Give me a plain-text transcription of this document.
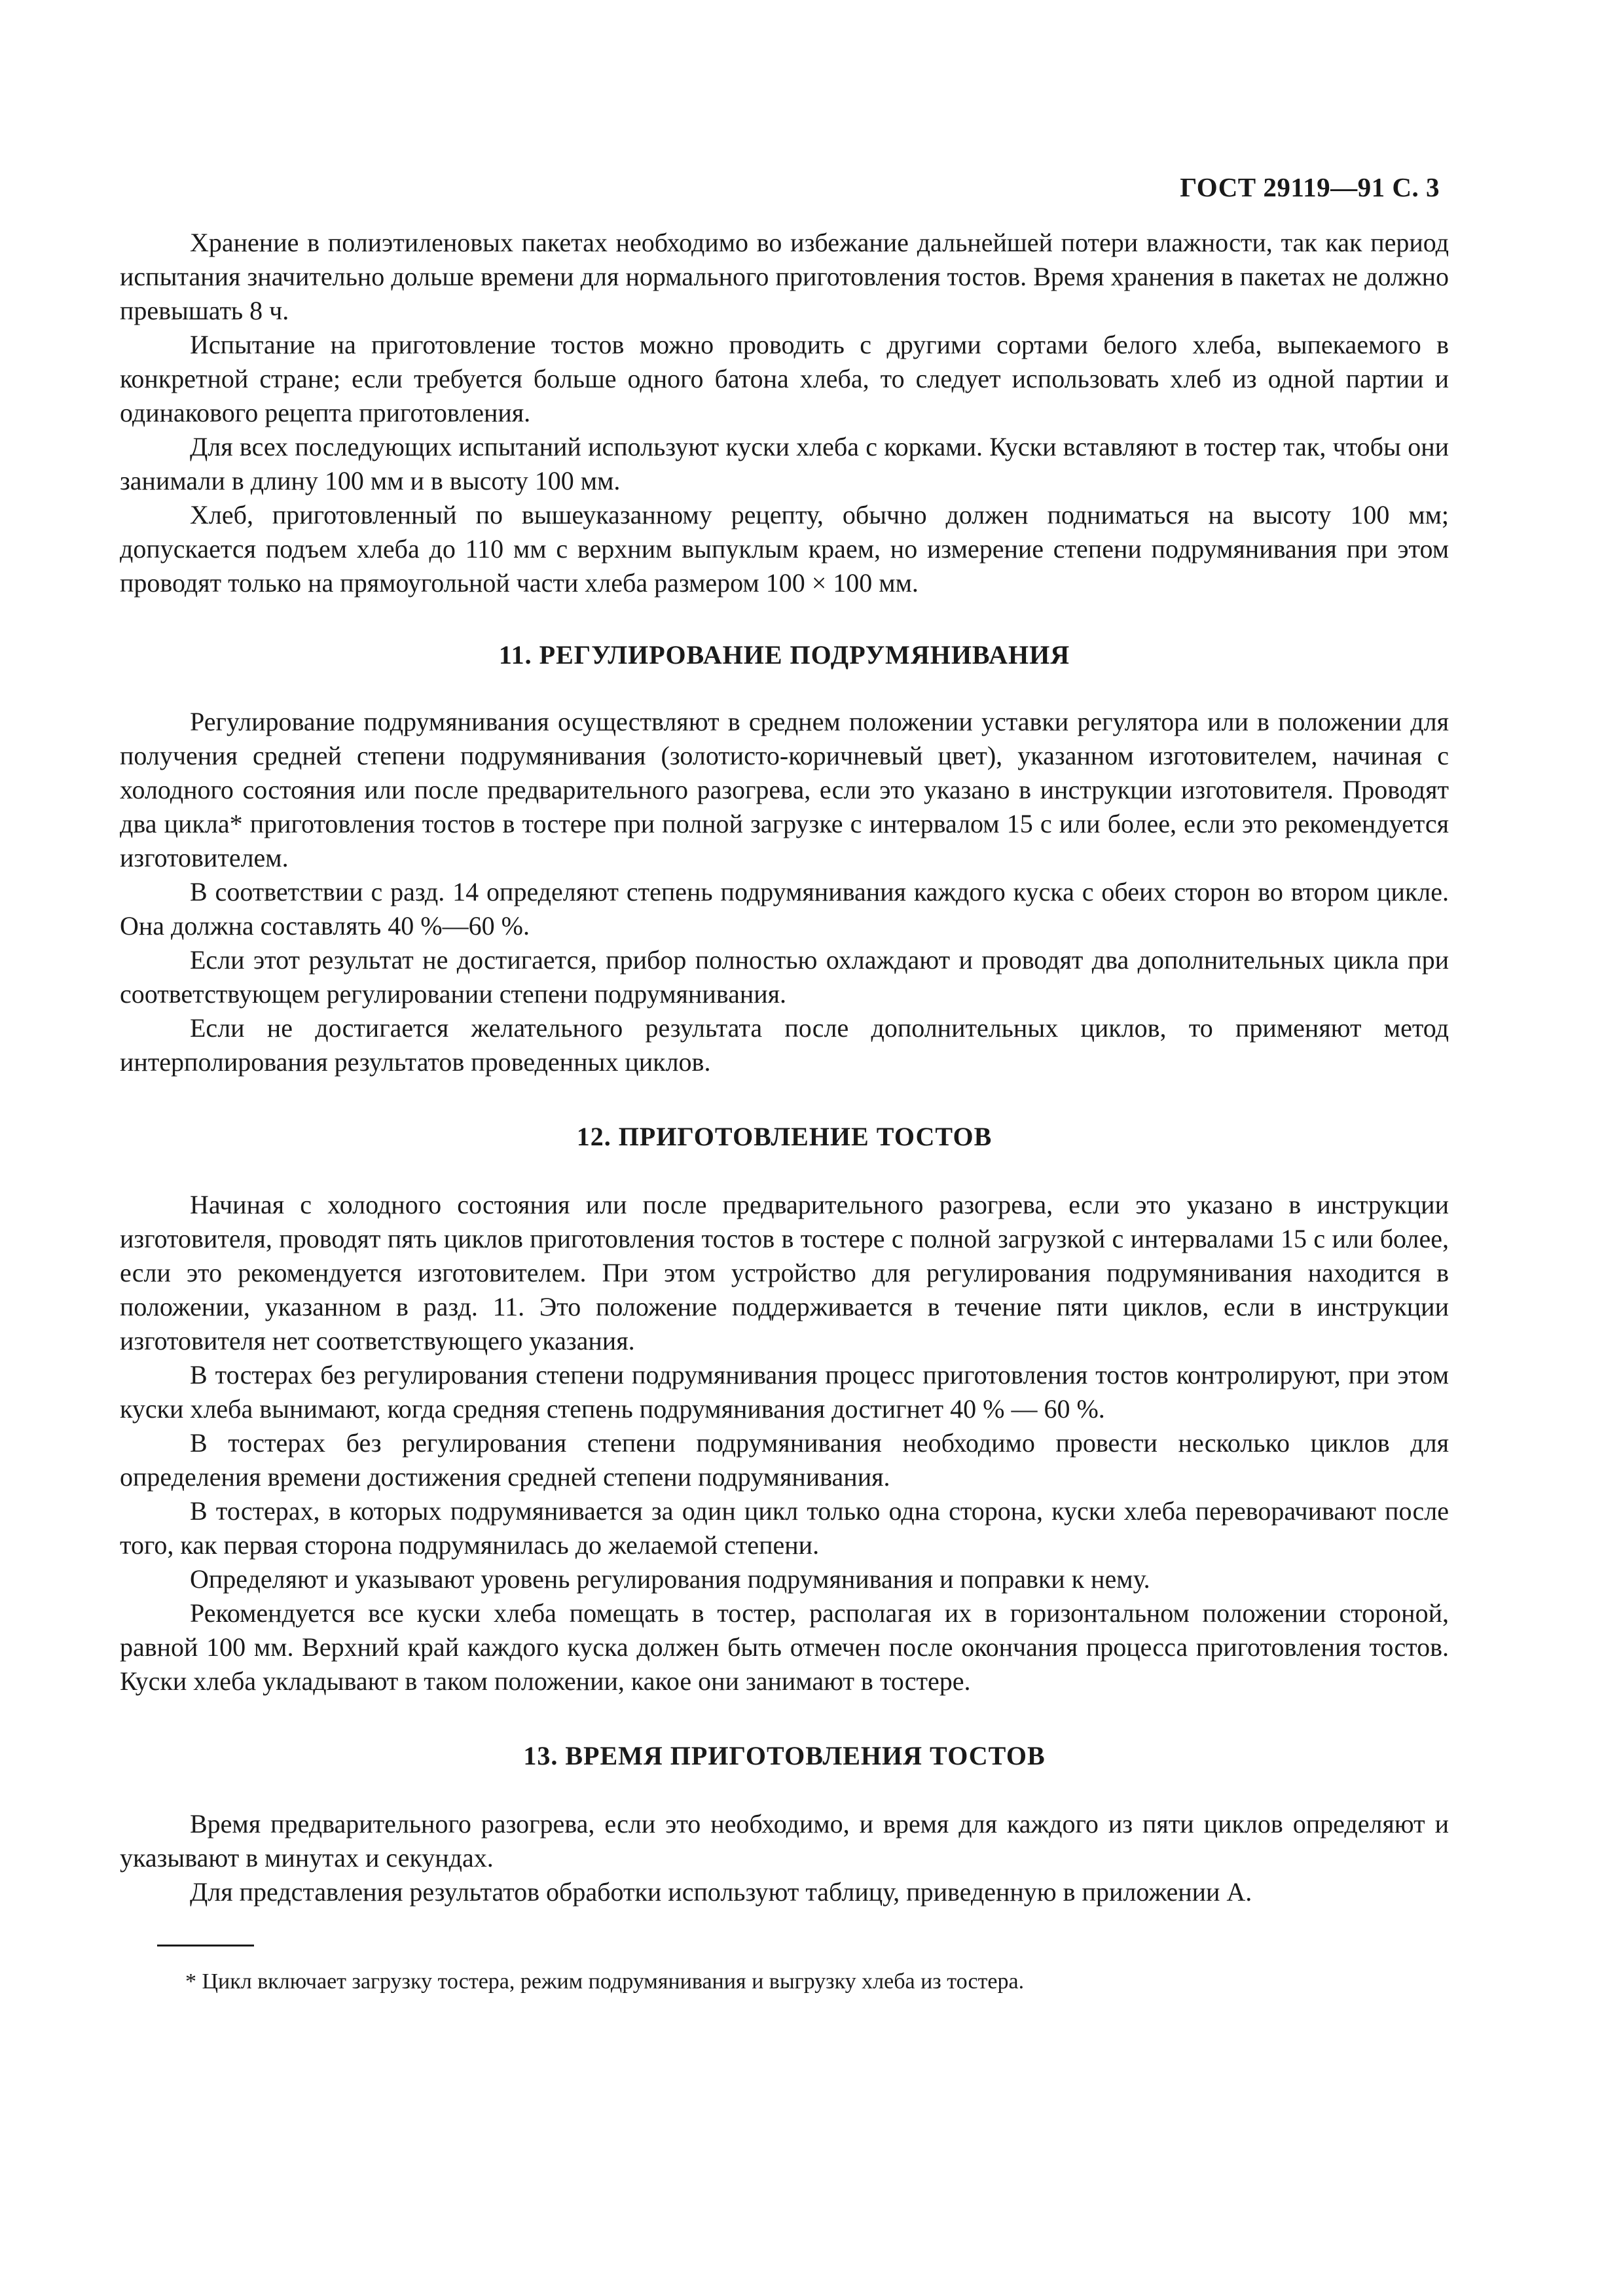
ГОСТ 29119—91 С. 3

Хранение в полиэтиленовых пакетах необходимо во избежание дальнейшей потери влажности, так как период испытания значительно дольше времени для нормального приготовления тостов. Время хранения в пакетах не должно превышать 8 ч.

Испытание на приготовление тостов можно проводить с другими сортами белого хлеба, выпекаемого в конкретной стране; если требуется больше одного батона хлеба, то следует использовать хлеб из одной партии и одинакового рецепта приготовления.

Для всех последующих испытаний используют куски хлеба с корками. Куски вставляют в тостер так, чтобы они занимали в длину 100 мм и в высоту 100 мм.

Хлеб, приготовленный по вышеуказанному рецепту, обычно должен подниматься на высоту 100 мм; допускается подъем хлеба до 110 мм с верхним выпуклым краем, но измерение степени подрумянивания при этом проводят только на прямоугольной части хлеба размером 100 × 100 мм.

11. РЕГУЛИРОВАНИЕ ПОДРУМЯНИВАНИЯ

Регулирование подрумянивания осуществляют в среднем положении уставки регулятора или в положении для получения средней степени подрумянивания (золотисто-коричневый цвет), указанном изготовителем, начиная с холодного состояния или после предварительного разогрева, если это указано в инструкции изготовителя. Проводят два цикла* приготовления тостов в тостере при полной загрузке с интервалом 15 с или более, если это рекомендуется изготовителем.

В соответствии с разд. 14 определяют степень подрумянивания каждого куска с обеих сторон во втором цикле. Она должна составлять 40 %—60 %.

Если этот результат не достигается, прибор полностью охлаждают и проводят два дополнительных цикла при соответствующем регулировании степени подрумянивания.

Если не достигается желательного результата после дополнительных циклов, то применяют метод интерполирования результатов проведенных циклов.

12. ПРИГОТОВЛЕНИЕ ТОСТОВ

Начиная с холодного состояния или после предварительного разогрева, если это указано в инструкции изготовителя, проводят пять циклов приготовления тостов в тостере с полной загрузкой с интервалами 15 с или более, если это рекомендуется изготовителем. При этом устройство для регулирования подрумянивания находится в положении, указанном в разд. 11. Это положение поддерживается в течение пяти циклов, если в инструкции изготовителя нет соответствующего указания.

В тостерах без регулирования степени подрумянивания процесс приготовления тостов контролируют, при этом куски хлеба вынимают, когда средняя степень подрумянивания достигнет 40 % — 60 %.

В тостерах без регулирования степени подрумянивания необходимо провести несколько циклов для определения времени достижения средней степени подрумянивания.

В тостерах, в которых подрумянивается за один цикл только одна сторона, куски хлеба переворачивают после того, как первая сторона подрумянилась до желаемой степени.

Определяют и указывают уровень регулирования подрумянивания и поправки к нему.

Рекомендуется все куски хлеба помещать в тостер, располагая их в горизонтальном положении стороной, равной 100 мм. Верхний край каждого куска должен быть отмечен после окончания процесса приготовления тостов. Куски хлеба укладывают в таком положении, какое они занимают в тостере.

13. ВРЕМЯ ПРИГОТОВЛЕНИЯ ТОСТОВ

Время предварительного разогрева, если это необходимо, и время для каждого из пяти циклов определяют и указывают в минутах и секундах.

Для представления результатов обработки используют таблицу, приведенную в приложении А.

* Цикл включает загрузку тостера, режим подрумянивания и выгрузку хлеба из тостера.
